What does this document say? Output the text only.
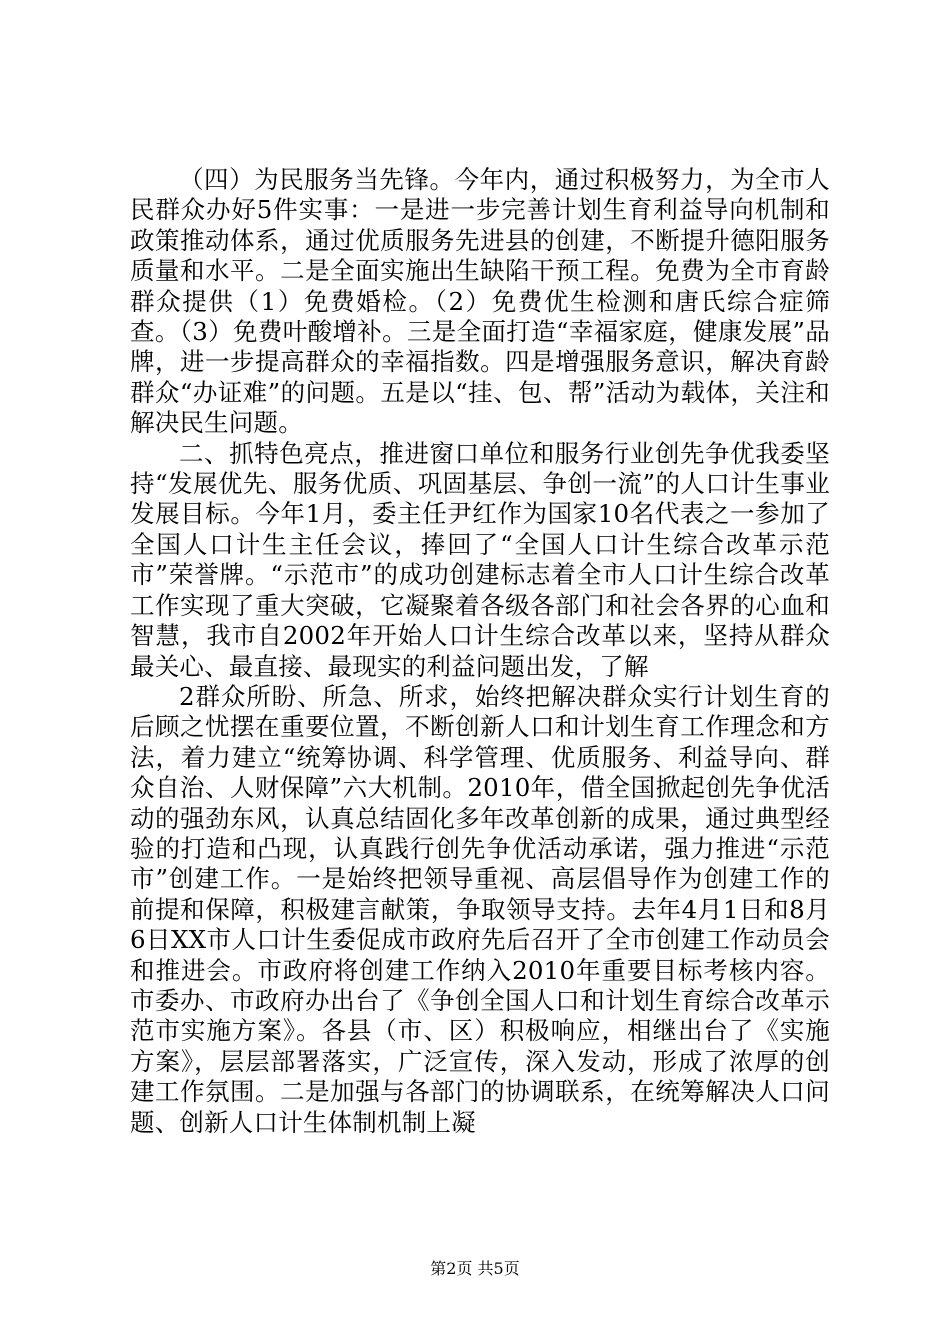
（四）为民服务当先锋。今年内，通过积极努力，为全市人民群众办好5件实事：一是进一步完善计划生育利益导向机制和政策推动体系，通过优质服务先进县的创建，不断提升德阳服务质量和水平。二是全面实施出生缺陷干预工程。免费为全市育龄群众提供（1）免费婚检。（2）免费优生检测和唐氏综合症筛查。（3）免费叶酸增补。三是全面打造“幸福家庭，健康发展”品牌，进一步提高群众的幸福指数。四是增强服务意识，解决育龄群众“办证难”的问题。五是以“挂、包、帮”活动为载体，关注和解决民生问题。

二、抓特色亮点，推进窗口单位和服务行业创先争优我委坚持“发展优先、服务优质、巩固基层、争创一流”的人口计生事业发展目标。今年1月，委主任尹红作为国家10名代表之一参加了全国人口计生主任会议，捧回了“全国人口计生综合改革示范市”荣誉牌。“示范市”的成功创建标志着全市人口计生综合改革工作实现了重大突破，它凝聚着各级各部门和社会各界的心血和智慧，我市自2002年开始人口计生综合改革以来，坚持从群众最关心、最直接、最现实的利益问题出发，了解

2群众所盼、所急、所求，始终把解决群众实行计划生育的后顾之忧摆在重要位置，不断创新人口和计划生育工作理念和方法，着力建立“统筹协调、科学管理、优质服务、利益导向、群众自治、人财保障”六大机制。2010年，借全国掀起创先争优活动的强劲东风，认真总结固化多年改革创新的成果，通过典型经验的打造和凸现，认真践行创先争优活动承诺，强力推进“示范市”创建工作。一是始终把领导重视、高层倡导作为创建工作的前提和保障，积极建言献策，争取领导支持。去年4月1日和8月6日XX市人口计生委促成市政府先后召开了全市创建工作动员会和推进会。市政府将创建工作纳入2010年重要目标考核内容。市委办、市政府办出台了《争创全国人口和计划生育综合改革示范市实施方案》。各县（市、区）积极响应，相继出台了《实施方案》，层层部署落实，广泛宣传，深入发动，形成了浓厚的创建工作氛围。二是加强与各部门的协调联系，在统筹解决人口问题、创新人口计生体制机制上凝

第2页 共5页
